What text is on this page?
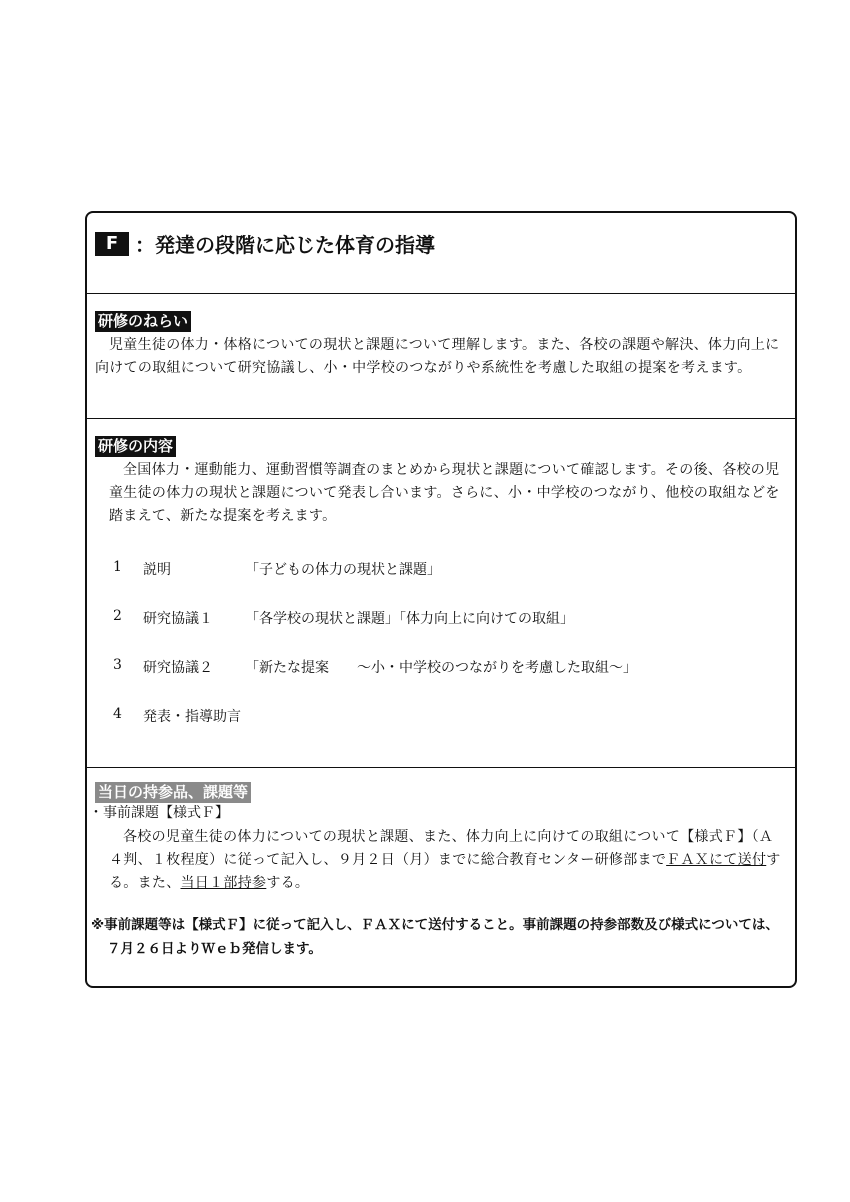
F ： 発達の段階に応じた体育の指導
研修のねらい
児童生徒の体力・体格についての現状と課題について理解します。また、各校の課題や解決、体力向上に向けての取組について研究協議し、小・中学校のつながりや系統性を考慮した取組の提案を考えます。
研修の内容
全国体力・運動能力、運動習慣等調査のまとめから現状と課題について確認します。その後、各校の児童生徒の体力の現状と課題について発表し合います。さらに、小・中学校のつながり、他校の取組などを踏まえて、新たな提案を考えます。
1	説明	「子どもの体力の現状と課題」
2	研究協議１	「各学校の現状と課題」「体力向上に向けての取組」
3	研究協議２	「新たな提案　　～小・中学校のつながりを考慮した取組～」
4	発表・指導助言
当日の持参品、課題等
・事前課題【様式Ｆ】
各校の児童生徒の体力についての現状と課題、また、体力向上に向けての取組について【様式Ｆ】（Ａ４判、１枚程度）に従って記入し、９月２日（月）までに総合教育センター研修部までＦＡＸにて送付する。また、当日１部持参する。
※事前課題等は【様式Ｆ】に従って記入し、ＦＡＸにて送付すること。事前課題の持参部数及び様式については、７月２６日よりＷｅｂ発信します。
